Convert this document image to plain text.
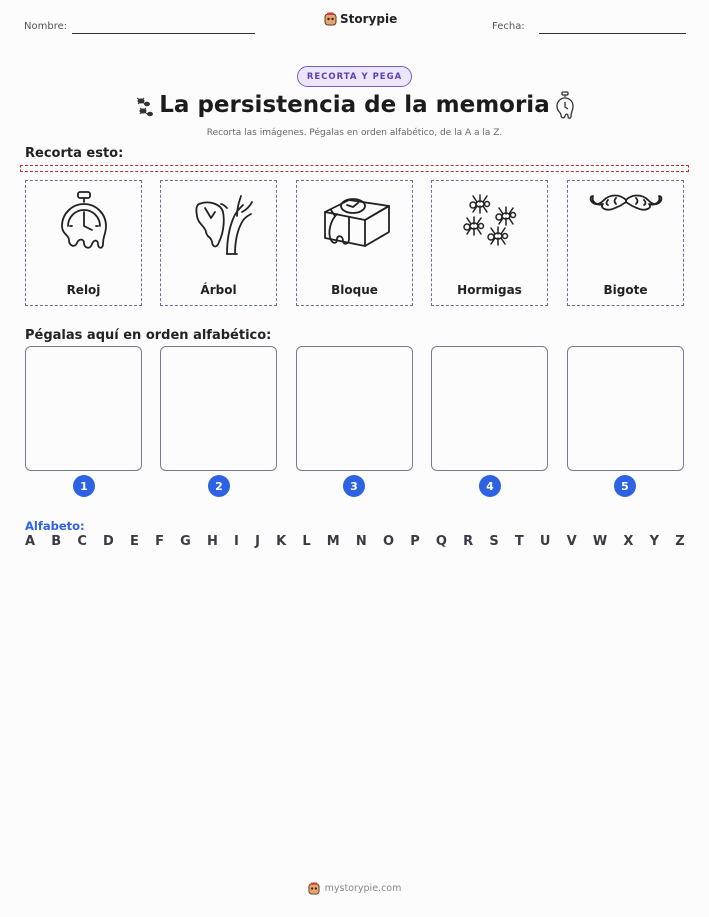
Nombre:
Storypie
Fecha:
RECORTA Y PEGA
La persistencia de la memoria
Recorta las imágenes. Pégalas en orden alfabético, de la A a la Z.
Recorta esto:
Reloj	Árbol	Bloque	Hormigas	Bigote
Pégalas aquí en orden alfabético:
1	2	3	4	5
Alfabeto:
A B C D E F G H I J K L M N O P Q R S T U V W X Y Z
mystorypie.com
